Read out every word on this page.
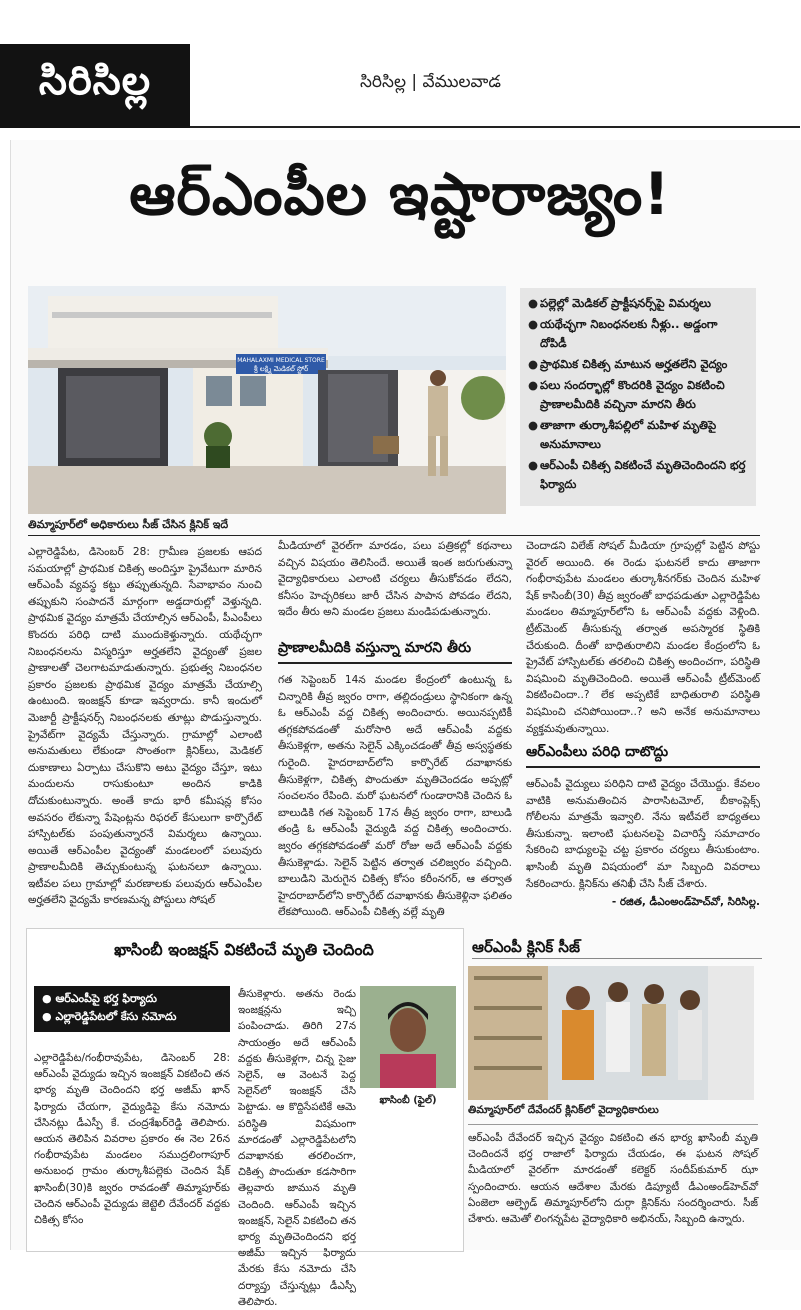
సిరిసిల్ల	సిరిసిల్ల | వేములవాడ
ఆర్‌ఎంపీల ఇష్టారాజ్యం!
MAHALAXMI MEDICAL STORE
శ్రీ లక్ష్మి మెడికల్ స్టోర్
తిమ్మాపూర్‌లో అధికారులు సీజ్ చేసిన క్లినిక్ ఇదే
● పల్లెల్లో మెడికల్ ప్రాక్టీషనర్స్‌పై విమర్శలు
● యథేచ్ఛగా నిబంధనలకు నీళ్లు.. అడ్డంగా దోపిడీ
● ప్రాథమిక చికిత్స మాటున అర్హతలేని వైద్యం
● పలు సందర్భాల్లో కొందరికి వైద్యం వికటించి ప్రాణాలమీదికి వచ్చినా మారని తీరు
● తాజాగా తుర్కాశీపల్లిలో మహిళ మృతిపై అనుమానాలు
● ఆర్‌ఎంపీ చికిత్స వికటించే మృతిచెందిందని భర్త ఫిర్యాదు

ఎల్లారెడ్డిపేట, డిసెంబర్ 28: గ్రామీణ ప్రజలకు ఆపద సమయాల్లో ప్రాథమిక చికిత్స అందిస్తూ ప్రైవేటుగా మారిన ఆర్‌ఎంపీ వ్యవస్థ కట్టు తప్పుతున్నది. సేవాభావం నుంచి తప్పుకుని సంపాదనే మార్గంగా అడ్డదారుల్లో వెళ్తున్నది. ప్రాథమిక వైద్యం మాత్రమే చేయాల్సిన ఆర్‌ఎంపీ, పీఎంపీలు కొందరు పరిధి దాటి ముందుకెళ్తున్నారు. యథేచ్ఛగా నిబంధనలను విస్మరిస్తూ అర్హతలేని వైద్యంతో ప్రజల ప్రాణాలతో చెలగాటమాడుతున్నారు. ప్రభుత్వ నిబంధనల ప్రకారం ప్రజలకు ప్రాథమిక వైద్యం మాత్రమే చేయాల్సి ఉంటుంది. ఇంజక్షన్ కూడా ఇవ్వరాదు. కానీ ఇందులో మెజార్టీ ప్రాక్టీషనర్స్ నిబంధనలకు తూట్లు పొడుస్తున్నారు. ప్రైవేట్‌గా వైద్యమే చేస్తున్నారు. గ్రామాల్లో ఎలాంటి అనుమతులు లేకుండా సొంతంగా క్లినిక్‌లు, మెడికల్ దుకాణాలు ఏర్పాటు చేసుకొని అటు వైద్యం చేస్తూ, ఇటు మందులను రాసుకుంటూ అందిన కాడికి దోచుకుంటున్నారు. అంతే కాదు భారీ కమీషన్ల కోసం అవసరం లేకున్నా పేషెంట్లను రిఫరల్ కేసులుగా కార్పొరేట్ హాస్పిటల్‌కు పంపుతున్నారనే విమర్శలు ఉన్నాయి. అయితే ఆర్‌ఎంపీల వైద్యంతో మండలంలో పలువురు ప్రాణాలమీదికి తెచ్చుకుంటున్న ఘటనలూ ఉన్నాయి. ఇటీవల పలు గ్రామాల్లో మరణాలకు పలువురు ఆర్‌ఎంపీల అర్హతలేని వైద్యమే కారణమన్న పోస్టులు సోషల్

మీడియాలో వైరల్‌గా మారడం, పలు పత్రికల్లో కథనాలు వచ్చిన విషయం తెలిసిందే. అయితే ఇంత జరుగుతున్నా వైద్యాధికారులు ఎలాంటి చర్యలు తీసుకోవడం లేదని, కనీసం హెచ్చరికలు జారీ చేసిన పాపాన పోవడం లేదని, ఇదేం తీరు అని మండల ప్రజలు మండిపడుతున్నారు.

ప్రాణాలమీదికి వస్తున్నా మారని తీరు

గత సెప్టెంబర్ 14న మండల కేంద్రంలో ఉంటున్న ఓ చిన్నారికి తీవ్ర జ్వరం రాగా, తల్లిదండ్రులు స్థానికంగా ఉన్న ఓ ఆర్‌ఎంపీ వద్ద చికిత్స అందించారు. అయినప్పటికీ తగ్గకపోవడంతో మరోసారి అదే ఆర్‌ఎంపీ వద్దకు తీసుకెళ్లగా, అతను సెలైన్ ఎక్కించడంతో తీవ్ర అస్వస్థతకు గురైంది. హైదరాబాద్‌లోని కార్పొరేట్ దవాఖానకు తీసుకెళ్లగా, చికిత్స పొందుతూ మృతిచెందడం అప్పట్లో సంచలనం రేపింది. మరో ఘటనలో గుండారానికి చెందిన ఓ బాలుడికి గత సెప్టెంబర్ 17న తీవ్ర జ్వరం రాగా, బాలుడి తండ్రి ఓ ఆర్‌ఎంపీ వైద్యుడి వద్ద చికిత్స అందించారు. జ్వరం తగ్గకపోవడంతో మరో రోజు అదే ఆర్‌ఎంపీ వద్దకు తీసుకెళ్లాడు. సెలైన్ పెట్టిన తర్వాత చలిజ్వరం వచ్చింది. బాలుడిని మెరుగైన చికిత్స కోసం కరీంనగర్, ఆ తర్వాత హైదరాబాద్‌లోని కార్పొరేట్ దవాఖానకు తీసుకెళ్లినా ఫలితం లేకపోయింది. ఆర్‌ఎంపీ చికిత్స వల్లే మృతి

చెందాడని విలేజ్ సోషల్ మీడియా గ్రూపుల్లో పెట్టిన పోస్టు వైరల్ అయింది. ఈ రెండు ఘటనలే కాదు తాజాగా గంభీరావుపేట మండలం తుర్కాశీనగర్‌కు చెందిన మహిళ షేక్ కాసింబీ(30) తీవ్ర జ్వరంతో బాధపడుతూ ఎల్లారెడ్డిపేట మండలం తిమ్మాపూర్‌లోని ఓ ఆర్‌ఎంపీ వద్దకు వెళ్లింది. ట్రీట్‌మెంట్ తీసుకున్న తర్వాత అపస్మారక స్థితికి చేరుకుంది. దీంతో బాధితురాలిని మండల కేంద్రంలోని ఓ ప్రైవేట్ హాస్పిటల్‌కు తరలించి చికిత్స అందించగా, పరిస్థితి విషమించి మృతిచెందింది. అయితే ఆర్‌ఎంపీ ట్రీట్‌మెంట్ వికటించిందా..? లేక అప్పటికే బాధితురాలి పరిస్థితి విషమించి చనిపోయిందా..? అని అనేక అనుమానాలు వ్యక్తమవుతున్నాయి.

ఆర్‌ఎంపీలు పరిధి దాటొద్దు

ఆర్‌ఎంపీ వైద్యులు పరిధిని దాటి వైద్యం చేయొద్దు. కేవలం వాటికి అనుమతించిన పారాసిటమోల్, బీకాంప్లెక్స్ గోలీలను మాత్రమే ఇవ్వాలి. నేను ఇటీవలే బాధ్యతలు తీసుకున్నా. ఇలాంటి ఘటనలపై విచారిస్తే సమాచారం సేకరించి బాధ్యులపై చట్ట ప్రకారం చర్యలు తీసుకుంటాం. ఖాసింబీ మృతి విషయంలో మా సిబ్బంది వివరాలు సేకరించారు. క్లినిక్‌ను తనిఖీ చేసి సీజ్ చేశారు.

- రజిత, డీఎంఅండ్‌హెచ్‌వో, సిరిసిల్ల.
ఖాసింబీ ఇంజక్షన్ వికటించే మృతి చెందింది
● ఆర్‌ఎంపీపై భర్త ఫిర్యాదు
● ఎల్లారెడ్డిపేటలో కేసు నమోదు

ఎల్లారెడ్డిపేట/గంభీరావుపేట, డిసెంబర్ 28: ఆర్‌ఎంపీ వైద్యుడు ఇచ్చిన ఇంజక్షన్ వికటించి తన భార్య మృతి చెందిందని భర్త అజీమ్ ఖాన్ ఫిర్యాదు చేయగా, వైద్యుడిపై కేసు నమోదు చేసినట్లు డీఎస్పీ కే. చంద్రశేఖర్‌రెడ్డి తెలిపారు. ఆయన తెలిపిన వివరాల ప్రకారం ఈ నెల 26న గంభీరావుపేట మండలం సముద్రలింగాపూర్ అనుబంధ గ్రామం తుర్కాశీపల్లెకు చెందిన షేక్ ఖాసింబీ(30)కి జ్వరం రావడంతో తిమ్మాపూర్‌కు చెందిన ఆర్‌ఎంపీ వైద్యుడు జెట్టెలి దేవేందర్ వద్దకు చికిత్స కోసం

తీసుకెళ్లారు. అతను రెండు ఇంజక్షన్లను ఇచ్చి పంపించాడు. తిరిగి 27న సాయంత్రం అదే ఆర్‌ఎంపీ వద్దకు తీసుకెళ్లగా, చిన్న సైజు సెలైన్, ఆ వెంటనే పెద్ద సెలైన్‌లో ఇంజక్షన్ చేసి పెట్టాడు. ఆ కొద్దిసేపటికే ఆమె పరిస్థితి విషమంగా మారడంతో ఎల్లారెడ్డిపేటలోని దవాఖానకు తరలించగా, చికిత్స పొందుతూ కడసారిగా తెల్లవారు జామున మృతి చెందింది. ఆర్‌ఎంపీ ఇచ్చిన ఇంజక్షన్, సెలైన్ వికటించి తన భార్య మృతిచెందిందని భర్త అజీమ్ ఇచ్చిన ఫిర్యాదు మేరకు కేసు నమోదు చేసి దర్యాప్తు చేస్తున్నట్లు డీఎస్పీ తెలిపారు.

ఖాసింబీ (ఫైల్)
ఆర్‌ఎంపీ క్లినిక్ సీజ్
తిమ్మాపూర్‌లో దేవేందర్ క్లినిక్‌లో వైద్యాధికారులు

ఆర్‌ఎంపీ దేవేందర్ ఇచ్చిన వైద్యం వికటించి తన భార్య ఖాసింబీ మృతి చెందిందనే భర్త రాజాలో ఫిర్యాదు చేయడం, ఈ ఘటన సోషల్ మీడియాలో వైరల్‌గా మారడంతో కలెక్టర్ సందీప్‌కుమార్ ఝా స్పందించారు. ఆయన ఆదేశాల మేరకు డిప్యూటీ డీఎంఅండ్‌హెచ్‌వో ఏంజెలా ఆల్ఫ్రెడ్ తిమ్మాపూర్‌లోని దుర్గా క్లినిక్‌ను సందర్శించారు. సీజ్ చేశారు. ఆమెతో లింగన్నపేట వైద్యాధికారి అభినయ్, సిబ్బంది ఉన్నారు.
